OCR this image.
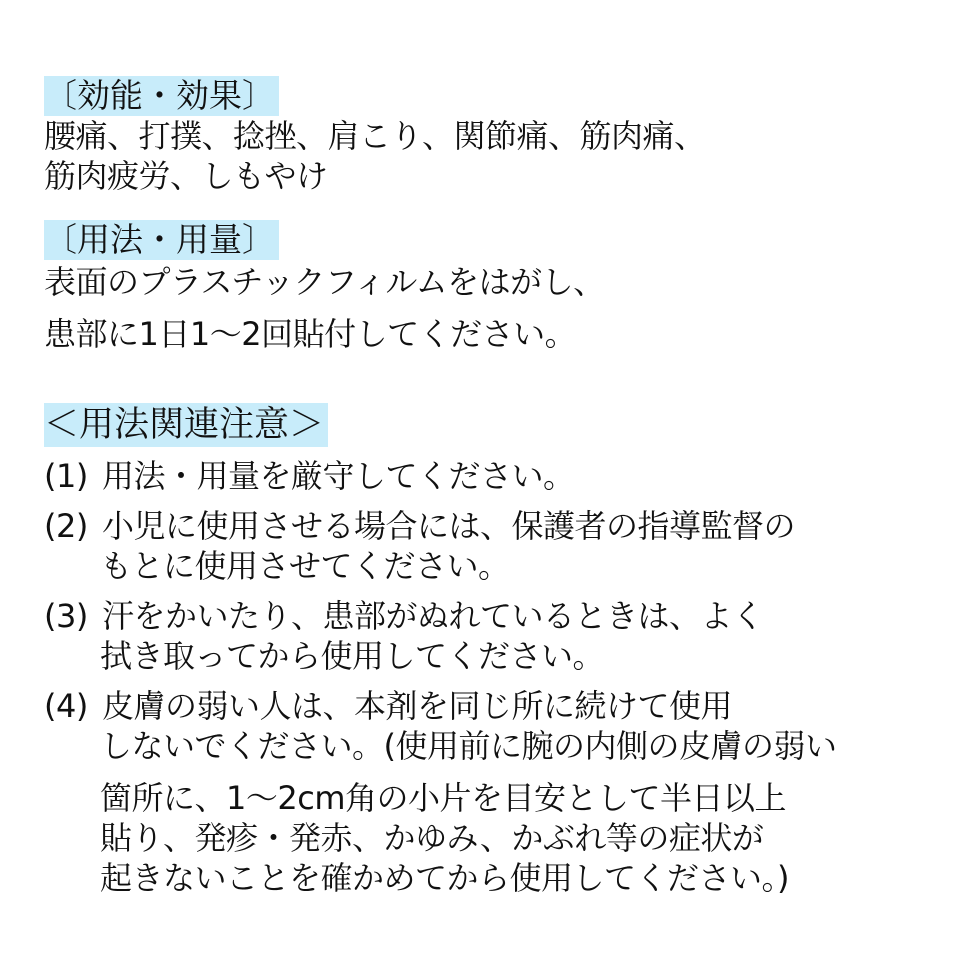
〔効能・効果〕
腰痛、打撲、捻挫、肩こり、関節痛、筋肉痛、
筋肉疲労、しもやけ
〔用法・用量〕
表面のプラスチックフィルムをはがし、
患部に1日1〜2回貼付してください。
＜用法関連注意＞
(1) 用法・用量を厳守してください。
(2) 小児に使用させる場合には、保護者の指導監督の
もとに使用させてください。
(3) 汗をかいたり、患部がぬれているときは、よく
拭き取ってから使用してください。
(4) 皮膚の弱い人は、本剤を同じ所に続けて使用
しないでください。(使用前に腕の内側の皮膚の弱い
箇所に、1〜2cm角の小片を目安として半日以上
貼り、発疹・発赤、かゆみ、かぶれ等の症状が
起きないことを確かめてから使用してください。)
